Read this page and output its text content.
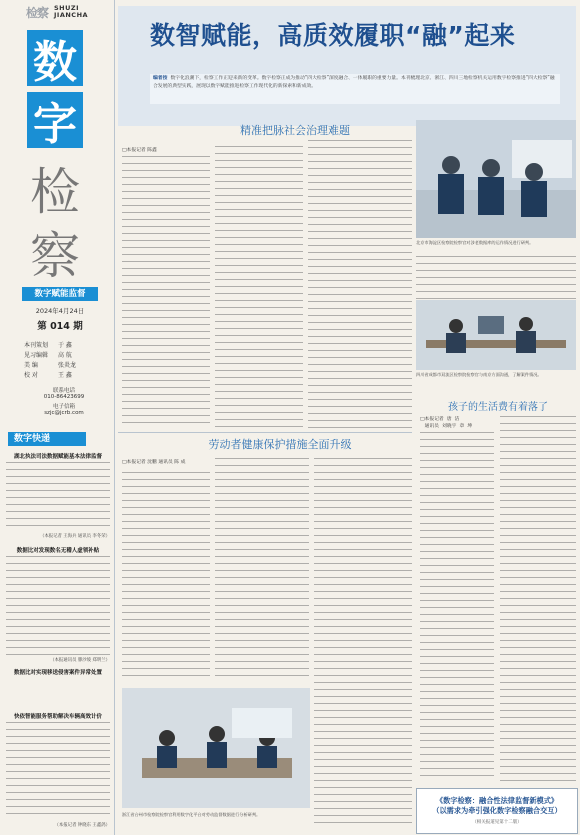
检察 SHUZI JIANCHA
数
字
检
察
数字赋能监督
2024年4月24日
第 014 期
本刊策划 于 鑫
见习编辑 高 航
美 编	张炎龙
校 对	王 鑫
联系电话
010-86423699
电子信箱
szjc@jcrb.com
数字快递
湖北执法司法数据赋能基本法律监督
（本报记者 王海兵 通讯员 李冬荣）
数据比对发现数名无稽人虚领补贴
（本报通讯员 滕沙坡 郑明兰）
数据比对实现移送侵害案件异常处置
快依智能服务帮助解决车辆高效计价
（本报记者 钟晓东 王鑫鸽）
数智赋能，高质效履职“融”起来
编者按 数字化浪潮下，检察工作正迎来新的变革。数字检察正成为推动“四大检察”深度融合、一体履职的重要力量。本刊梳理北京、浙江、四川三地检察机关运用数字检察推进“四大检察”融合发展的典型实践，展现以数字赋能推进检察工作现代化的新探索和新成效。
精准把脉社会治理难题
□本报记者 陈鑫
北京市海淀区检察院检察官对涉老数据库的运作情况进行研判。
四川省成都市双流区检察院检察官与南京方面沟通，了解案件情况。
孩子的生活费有着落了
□本报记者  唐  洁
通讯员  刘晓宇  章  坤
劳动者健康保护措施全面升级
□本报记者 沈鹏 通讯员 陈 成
浙江省台州市检察院检察官利用数字化平台对劳动监督数据进行分析研判。
《数字检察：融合性法律监督新模式》
（以需求为牵引强化数字检察融合交互）
（相关报道见第十二版）
